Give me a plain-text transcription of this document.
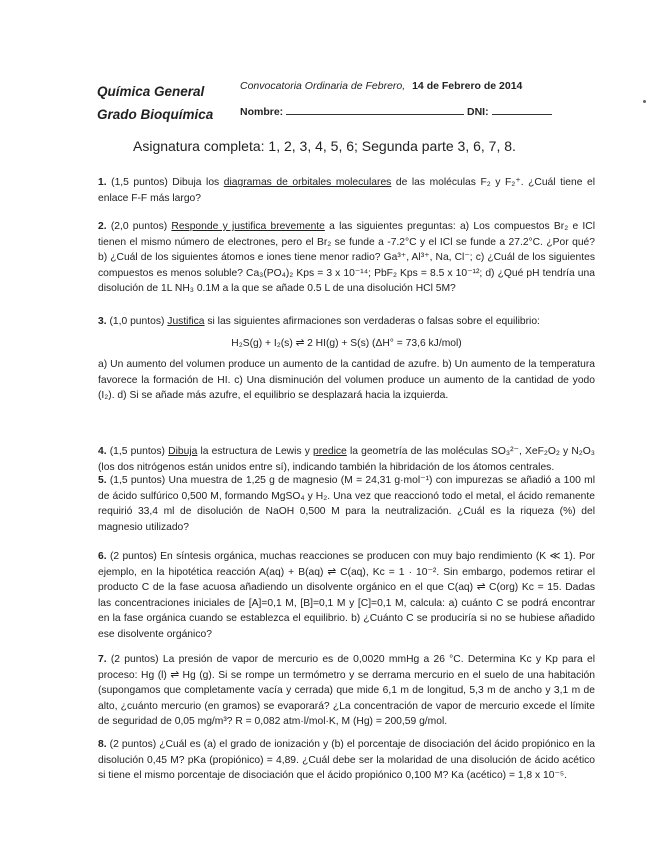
Química General
Grado Bioquímica
Convocatoria Ordinaria de Febrero, 14 de Febrero de 2014
Nombre:	DNI:
Asignatura completa: 1, 2, 3, 4, 5, 6; Segunda parte 3, 6, 7, 8.
1. (1,5 puntos) Dibuja los diagramas de orbitales moleculares de las moléculas F₂ y F₂⁺. ¿Cuál tiene el enlace F-F más largo?
2. (2,0 puntos) Responde y justifica brevemente a las siguientes preguntas: a) Los compuestos Br₂ e ICl tienen el mismo número de electrones, pero el Br₂ se funde a -7.2°C y el ICl se funde a 27.2°C. ¿Por qué? b) ¿Cuál de los siguientes átomos e iones tiene menor radio? Ga³⁺, Al³⁺, Na, Cl⁻; c) ¿Cuál de los siguientes compuestos es menos soluble? Ca₃(PO₄)₂ Kps = 3 x 10⁻¹⁴; PbF₂ Kps = 8.5 x 10⁻¹²; d) ¿Qué pH tendría una disolución de 1L NH₃ 0.1M a la que se añade 0.5 L de una disolución HCl 5M?
3. (1,0 puntos) Justifica si las siguientes afirmaciones son verdaderas o falsas sobre el equilibrio:
H₂S(g) + I₂(s) ⇌ 2 HI(g) + S(s) (ΔH° = 73,6 kJ/mol)
a) Un aumento del volumen produce un aumento de la cantidad de azufre. b) Un aumento de la temperatura favorece la formación de HI. c) Una disminución del volumen produce un aumento de la cantidad de yodo (I₂). d) Si se añade más azufre, el equilibrio se desplazará hacia la izquierda.
4. (1,5 puntos) Dibuja la estructura de Lewis y predice la geometría de las moléculas SO₃²⁻, XeF₂O₂ y N₂O₃ (los dos nitrógenos están unidos entre sí), indicando también la hibridación de los átomos centrales.
5. (1,5 puntos) Una muestra de 1,25 g de magnesio (M = 24,31 g·mol⁻¹) con impurezas se añadió a 100 ml de ácido sulfúrico 0,500 M, formando MgSO₄ y H₂. Una vez que reaccionó todo el metal, el ácido remanente requirió 33,4 ml de disolución de NaOH 0,500 M para la neutralización. ¿Cuál es la riqueza (%) del magnesio utilizado?
6. (2 puntos) En síntesis orgánica, muchas reacciones se producen con muy bajo rendimiento (K ≪ 1). Por ejemplo, en la hipotética reacción A(aq) + B(aq) ⇌ C(aq), Kc = 1 · 10⁻². Sin embargo, podemos retirar el producto C de la fase acuosa añadiendo un disolvente orgánico en el que C(aq) ⇌ C(org) Kc = 15. Dadas las concentraciones iniciales de [A]=0,1 M, [B]=0,1 M y [C]=0,1 M, calcula: a) cuánto C se podrá encontrar en la fase orgánica cuando se establezca el equilibrio. b) ¿Cuánto C se produciría si no se hubiese añadido ese disolvente orgánico?
7. (2 puntos) La presión de vapor de mercurio es de 0,0020 mmHg a 26 °C. Determina Kc y Kp para el proceso: Hg (l) ⇌ Hg (g). Si se rompe un termómetro y se derrama mercurio en el suelo de una habitación (supongamos que completamente vacía y cerrada) que mide 6,1 m de longitud, 5,3 m de ancho y 3,1 m de alto, ¿cuánto mercurio (en gramos) se evaporará? ¿La concentración de vapor de mercurio excede el límite de seguridad de 0,05 mg/m³? R = 0,082 atm·l/mol·K, M (Hg) = 200,59 g/mol.
8. (2 puntos) ¿Cuál es (a) el grado de ionización y (b) el porcentaje de disociación del ácido propiónico en la disolución 0,45 M? pKa (propiónico) = 4,89. ¿Cuál debe ser la molaridad de una disolución de ácido acético si tiene el mismo porcentaje de disociación que el ácido propiónico 0,100 M? Ka (acético) = 1,8 x 10⁻⁵.
